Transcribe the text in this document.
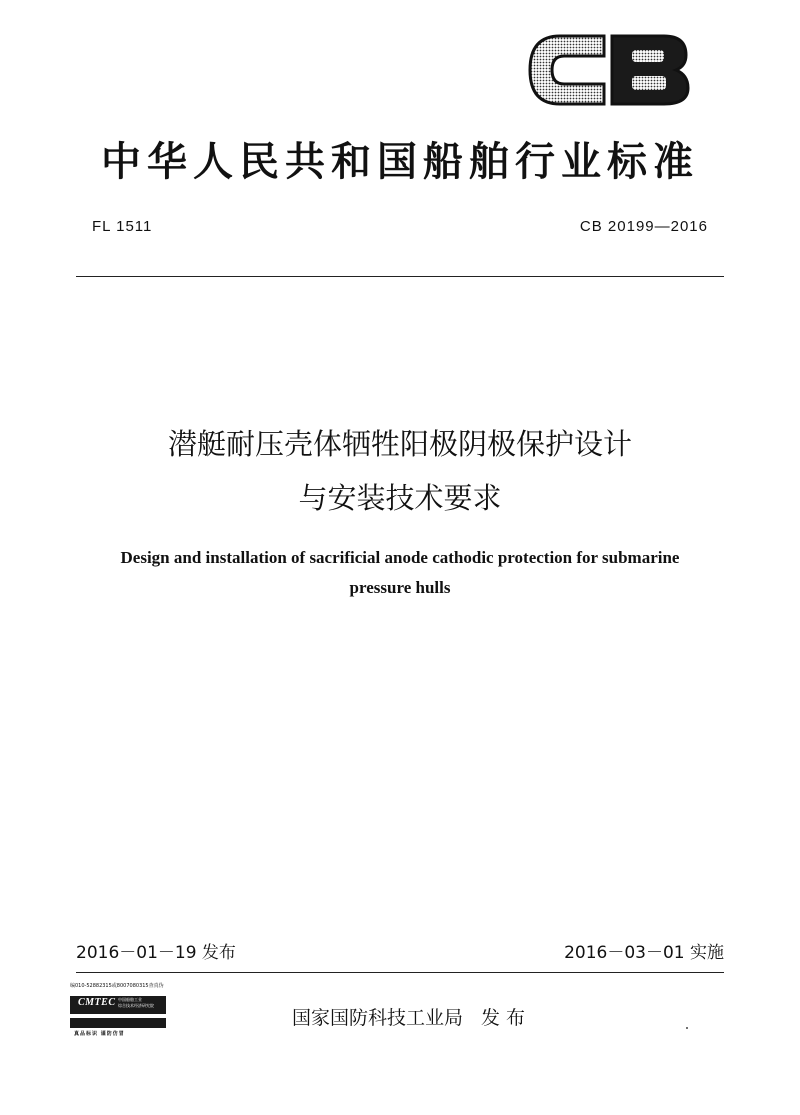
中华人民共和国船舶行业标准
FL 1511	CB 20199—2016
潜艇耐压壳体牺牲阳极阴极保护设计
与安装技术要求
Design and installation of sacrificial anode cathodic protection for submarine
pressure hulls
2016－01－19 发布	2016－03－01 实施
编010-52882315或8007080315查真伪
CMTEC 中国船舶工业
综合技术经济研究院
真品标识 谨防仿冒
国家国防科技工业局 发 布
